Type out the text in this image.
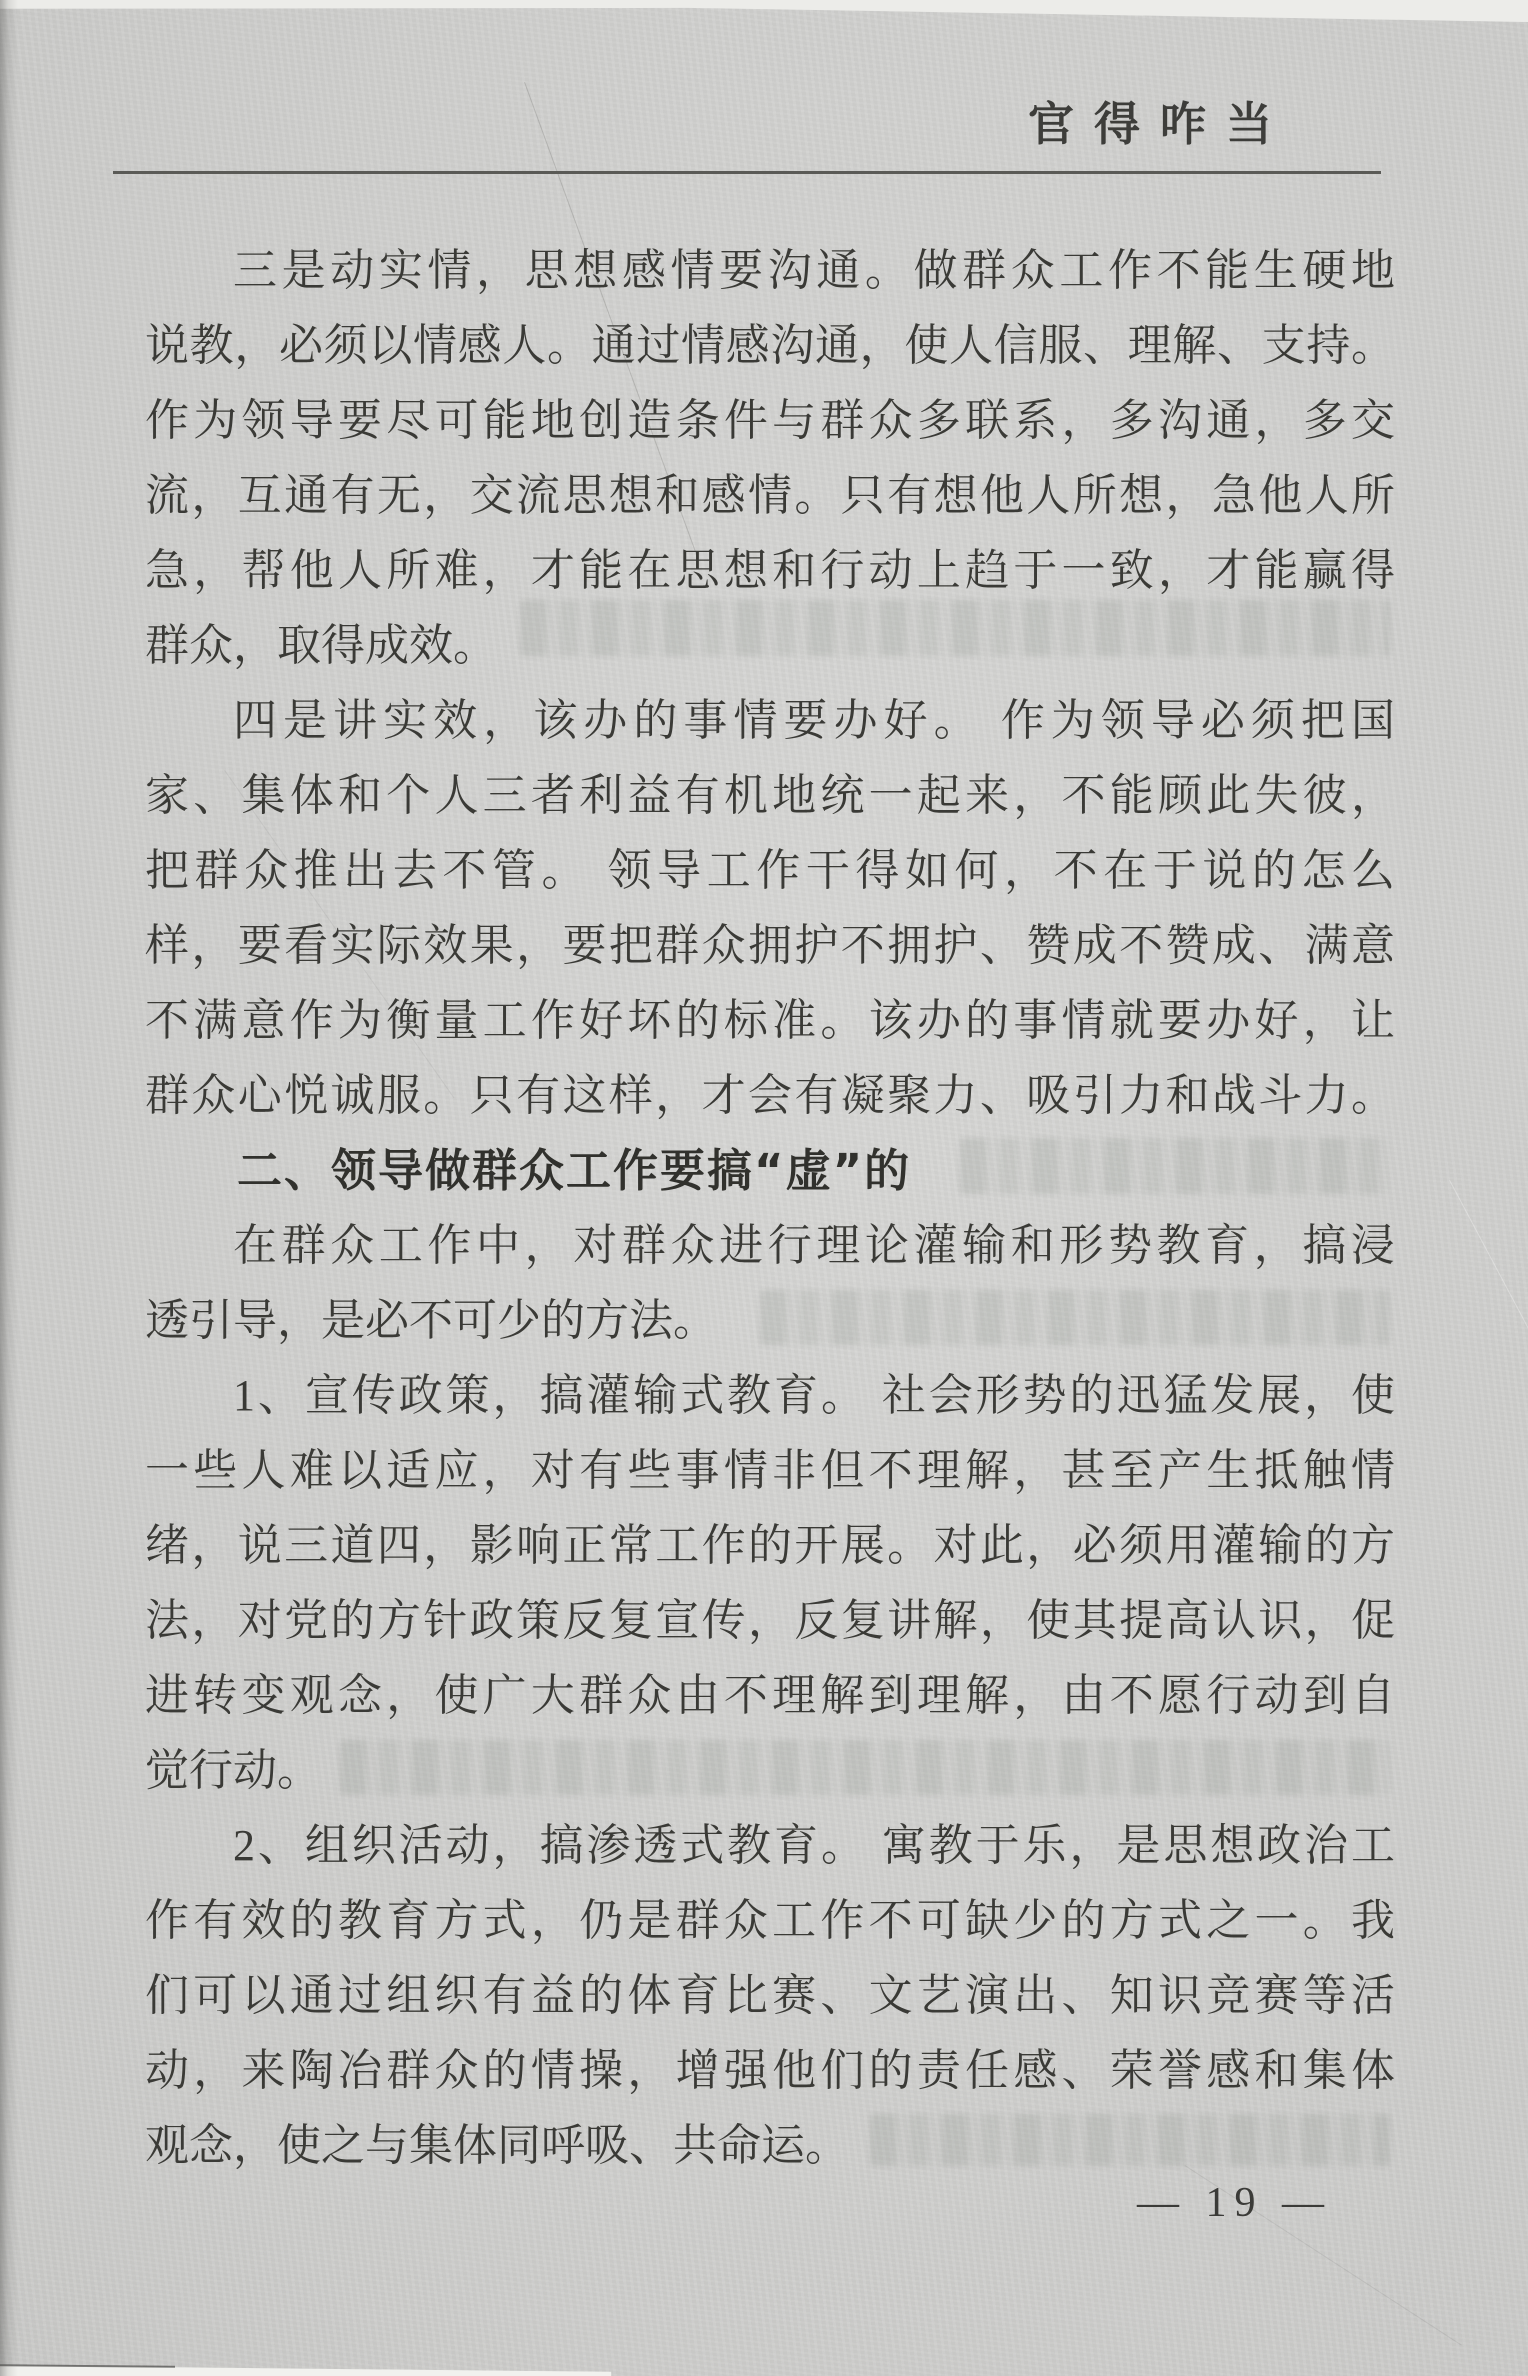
官得咋当
三是动实情，思想感情要沟通。做群众工作不能生硬地
说教，必须以情感人。通过情感沟通，使人信服、理解、支持。
作为领导要尽可能地创造条件与群众多联系，多沟通，多交
流，互通有无，交流思想和感情。只有想他人所想，急他人所
急，帮他人所难，才能在思想和行动上趋于一致，才能赢得
群众，取得成效。
四是讲实效，该办的事情要办好。 作为领导必须把国
家、集体和个人三者利益有机地统一起来，不能顾此失彼，
把群众推出去不管。 领导工作干得如何，不在于说的怎么
样，要看实际效果，要把群众拥护不拥护、赞成不赞成、满意
不满意作为衡量工作好坏的标准。该办的事情就要办好，让
群众心悦诚服。只有这样，才会有凝聚力、吸引力和战斗力。
二、领导做群众工作要搞“虚”的
在群众工作中，对群众进行理论灌输和形势教育，搞浸
透引导，是必不可少的方法。
1、宣传政策，搞灌输式教育。 社会形势的迅猛发展，使
一些人难以适应，对有些事情非但不理解，甚至产生抵触情
绪，说三道四，影响正常工作的开展。对此，必须用灌输的方
法，对党的方针政策反复宣传，反复讲解，使其提高认识，促
进转变观念，使广大群众由不理解到理解，由不愿行动到自
觉行动。
2、组织活动，搞渗透式教育。 寓教于乐，是思想政治工
作有效的教育方式，仍是群众工作不可缺少的方式之一。我
们可以通过组织有益的体育比赛、文艺演出、知识竞赛等活
动，来陶冶群众的情操，增强他们的责任感、荣誉感和集体
观念，使之与集体同呼吸、共命运。
— 19 —
